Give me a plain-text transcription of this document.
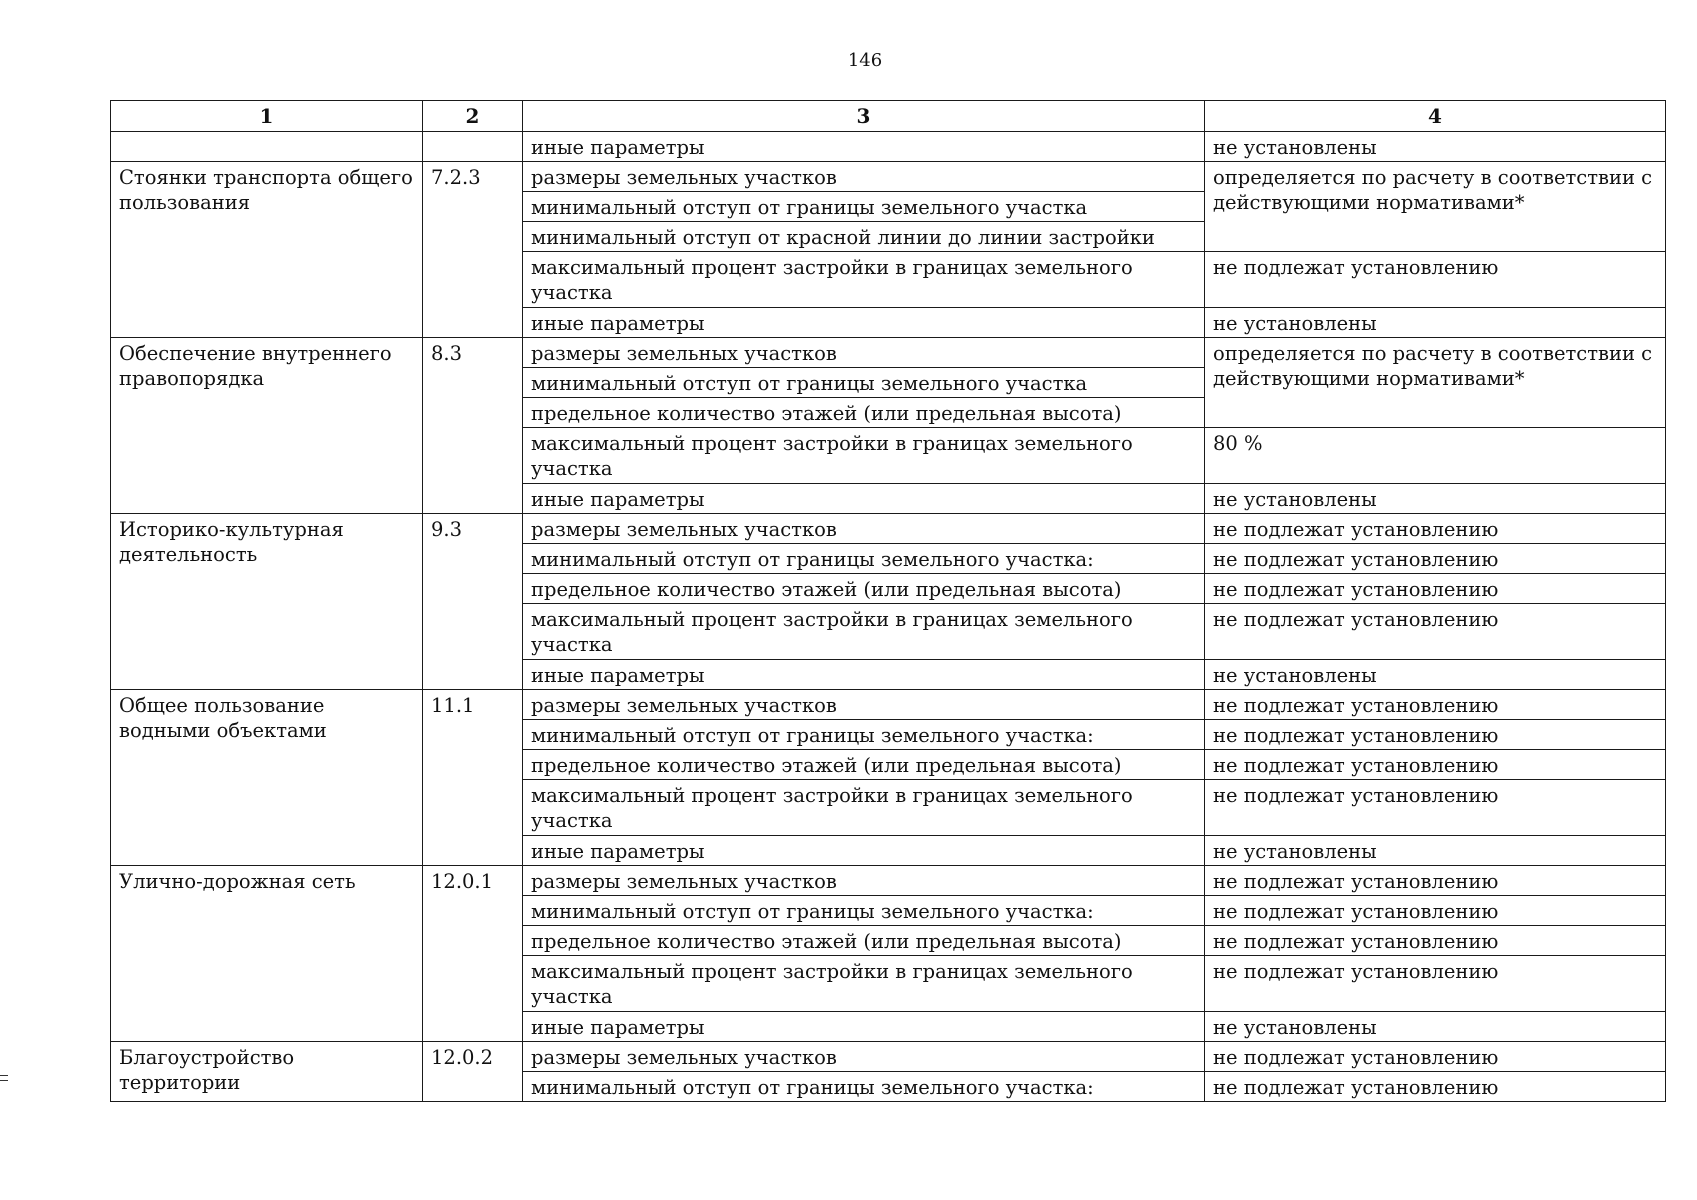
146
1	2	3	4
		иные параметры	не установлены
Стоянки транспорта общего пользования	7.2.3	размеры земельных участков	определяется по расчету в соответствии с действующими нормативами*
		минимальный отступ от границы земельного участка	
		минимальный отступ от красной линии до линии застройки	
		максимальный процент застройки в границах земельного участка	не подлежат установлению
		иные параметры	не установлены
Обеспечение внутреннего правопорядка	8.3	размеры земельных участков	определяется по расчету в соответствии с действующими нормативами*
		минимальный отступ от границы земельного участка	
		предельное количество этажей (или предельная высота)	
		максимальный процент застройки в границах земельного участка	80 %
		иные параметры	не установлены
Историко-культурная деятельность	9.3	размеры земельных участков	не подлежат установлению
		минимальный отступ от границы земельного участка:	не подлежат установлению
		предельное количество этажей (или предельная высота)	не подлежат установлению
		максимальный процент застройки в границах земельного участка	не подлежат установлению
		иные параметры	не установлены
Общее пользование водными объектами	11.1	размеры земельных участков	не подлежат установлению
		минимальный отступ от границы земельного участка:	не подлежат установлению
		предельное количество этажей (или предельная высота)	не подлежат установлению
		максимальный процент застройки в границах земельного участка	не подлежат установлению
		иные параметры	не установлены
Улично-дорожная сеть	12.0.1	размеры земельных участков	не подлежат установлению
		минимальный отступ от границы земельного участка:	не подлежат установлению
		предельное количество этажей (или предельная высота)	не подлежат установлению
		максимальный процент застройки в границах земельного участка	не подлежат установлению
		иные параметры	не установлены
Благоустройство территории	12.0.2	размеры земельных участков	не подлежат установлению
		минимальный отступ от границы земельного участка:	не подлежат установлению
